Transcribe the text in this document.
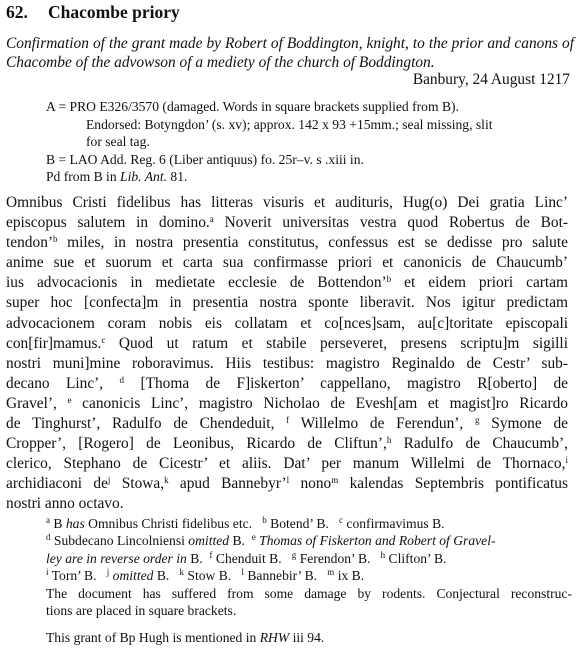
62. Chacombe priory
Confirmation of the grant made by Robert of Boddington, knight, to the prior and canons of Chacombe of the advowson of a mediety of the church of Boddington.
Banbury, 24 August 1217
A = PRO E326/3570 (damaged. Words in square brackets supplied from B).
Endorsed: Botyngdon’ (s. xv); approx. 142 x 93 +15mm.; seal missing, slit
for seal tag.
B = LAO Add. Reg. 6 (Liber antiquus) fo. 25r–v. s .xiii in.
Pd from B in Lib. Ant. 81.
Omnibus Cristi fidelibus has litteras visuris et audituris, Hug(o) Dei gratia Linc’
episcopus salutem in domino.$^a$ Noverit universitas vestra quod Robertus de Bot-
tendon’$^b$ miles, in nostra presentia constitutus, confessus est se dedisse pro salute
anime sue et suorum et carta sua confirmasse priori et canonicis de Chaucumb’
ius advocacionis in medietate ecclesie de Bottendon’$^b$ et eidem priori cartam
super hoc [confecta]m in presentia nostra sponte liberavit. Nos igitur predictam
advocacionem coram nobis eis collatam et co[nces]sam, au[c]toritate episcopali
con[fir]mamus.$^c$ Quod ut ratum et stabile perseveret, presens scriptu]m sigilli
nostri muni]mine roboravimus. Hiis testibus: magistro Reginaldo de Cestr’ sub-
decano Linc’, $^d$ [Thoma de F]iskerton’ cappellano, magistro R[oberto] de
Gravel’, $^e$ canonicis Linc’, magistro Nicholao de Evesh[am et magist]ro Ricardo
de Tinghurst’, Radulfo de Chendeduit, $^f$ Willelmo de Ferendun’, $^g$ Symone de
Cropper’, [Rogero] de Leonibus, Ricardo de Cliftun’,$^h$ Radulfo de Chaucumb’,
clerico, Stephano de Cicestr’ et aliis. Dat’ per manum Willelmi de Thornaco,$^i$
archidiaconi $de^j$ Stowa,$^k$ apud Bannebyr’$^l$ nono$^m$ kalendas Septembris pontificatus
nostri anno octavo.
$^a$ B has Omnibus Christi fidelibus etc. $^b$ Botend’ B. $^c$ confirmavimus B.
$^d$ Subdecano Lincolniensi omitted B. $^e$ Thomas of Fiskerton and Robert of Gravel-
ley are in reverse order in B. $^f$ Chenduit B. $^g$ Ferendon’ B. $^h$ Clifton’ B.
$^i$ Torn’ B. $^j$ omitted B. $^k$ Stow B. $^l$ Bannebir’ B. $^m$ ix B.
The document has suffered from some damage by rodents. Conjectural reconstruc-
tions are placed in square brackets.
This grant of Bp Hugh is mentioned in RHW iii 94.
